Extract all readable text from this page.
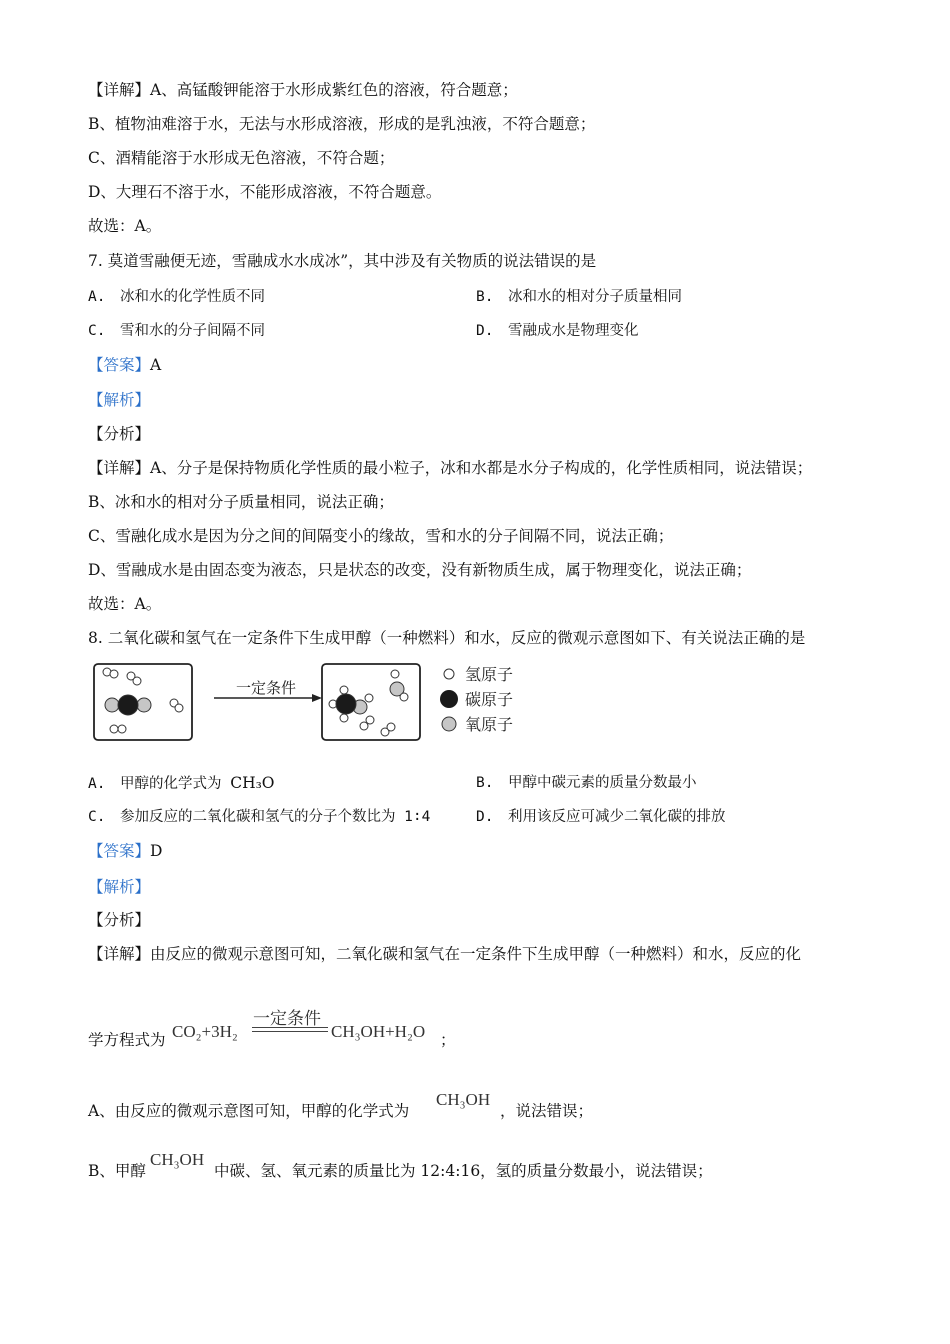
【详解】A、高锰酸钾能溶于水形成紫红色的溶液，符合题意；
B、植物油难溶于水，无法与水形成溶液，形成的是乳浊液，不符合题意；
C、酒精能溶于水形成无色溶液，不符合题；
D、大理石不溶于水，不能形成溶液，不符合题意。
故选：A。
7. 莫道雪融便无迹，雪融成水水成冰”，其中涉及有关物质的说法错误的是
A.　冰和水的化学性质不同	B.　冰和水的相对分子质量相同
C.　雪和水的分子间隔不同	D.　雪融成水是物理变化
【答案】A
【解析】
【分析】
【详解】A、分子是保持物质化学性质的最小粒子，冰和水都是水分子构成的，化学性质相同，说法错误；
B、冰和水的相对分子质量相同，说法正确；
C、雪融化成水是因为分之间的间隔变小的缘故，雪和水的分子间隔不同，说法正确；
D、雪融成水是由固态变为液态，只是状态的改变，没有新物质生成，属于物理变化，说法正确；
故选：A。
8. 二氧化碳和氢气在一定条件下生成甲醇（一种燃料）和水，反应的微观示意图如下、有关说法正确的是
一定条件
氢原子
碳原子
氧原子
A.　甲醇的化学式为 CH₃O	B.　甲醇中碳元素的质量分数最小
C.　参加反应的二氧化碳和氢气的分子个数比为 1∶4	D.　利用该反应可减少二氧化碳的排放
【答案】D
【解析】
【分析】
【详解】由反应的微观示意图可知，二氧化碳和氢气在一定条件下生成甲醇（一种燃料）和水，反应的化
学方程式为 CO₂+3H₂
一定条件
CH₃OH+H₂O ；
A、由反应的微观示意图可知，甲醇的化学式为
CH₃OH
，说法错误；
B、甲醇
CH₃OH
中碳、氢、氧元素的质量比为 12:4:16，氢的质量分数最小，说法错误；
